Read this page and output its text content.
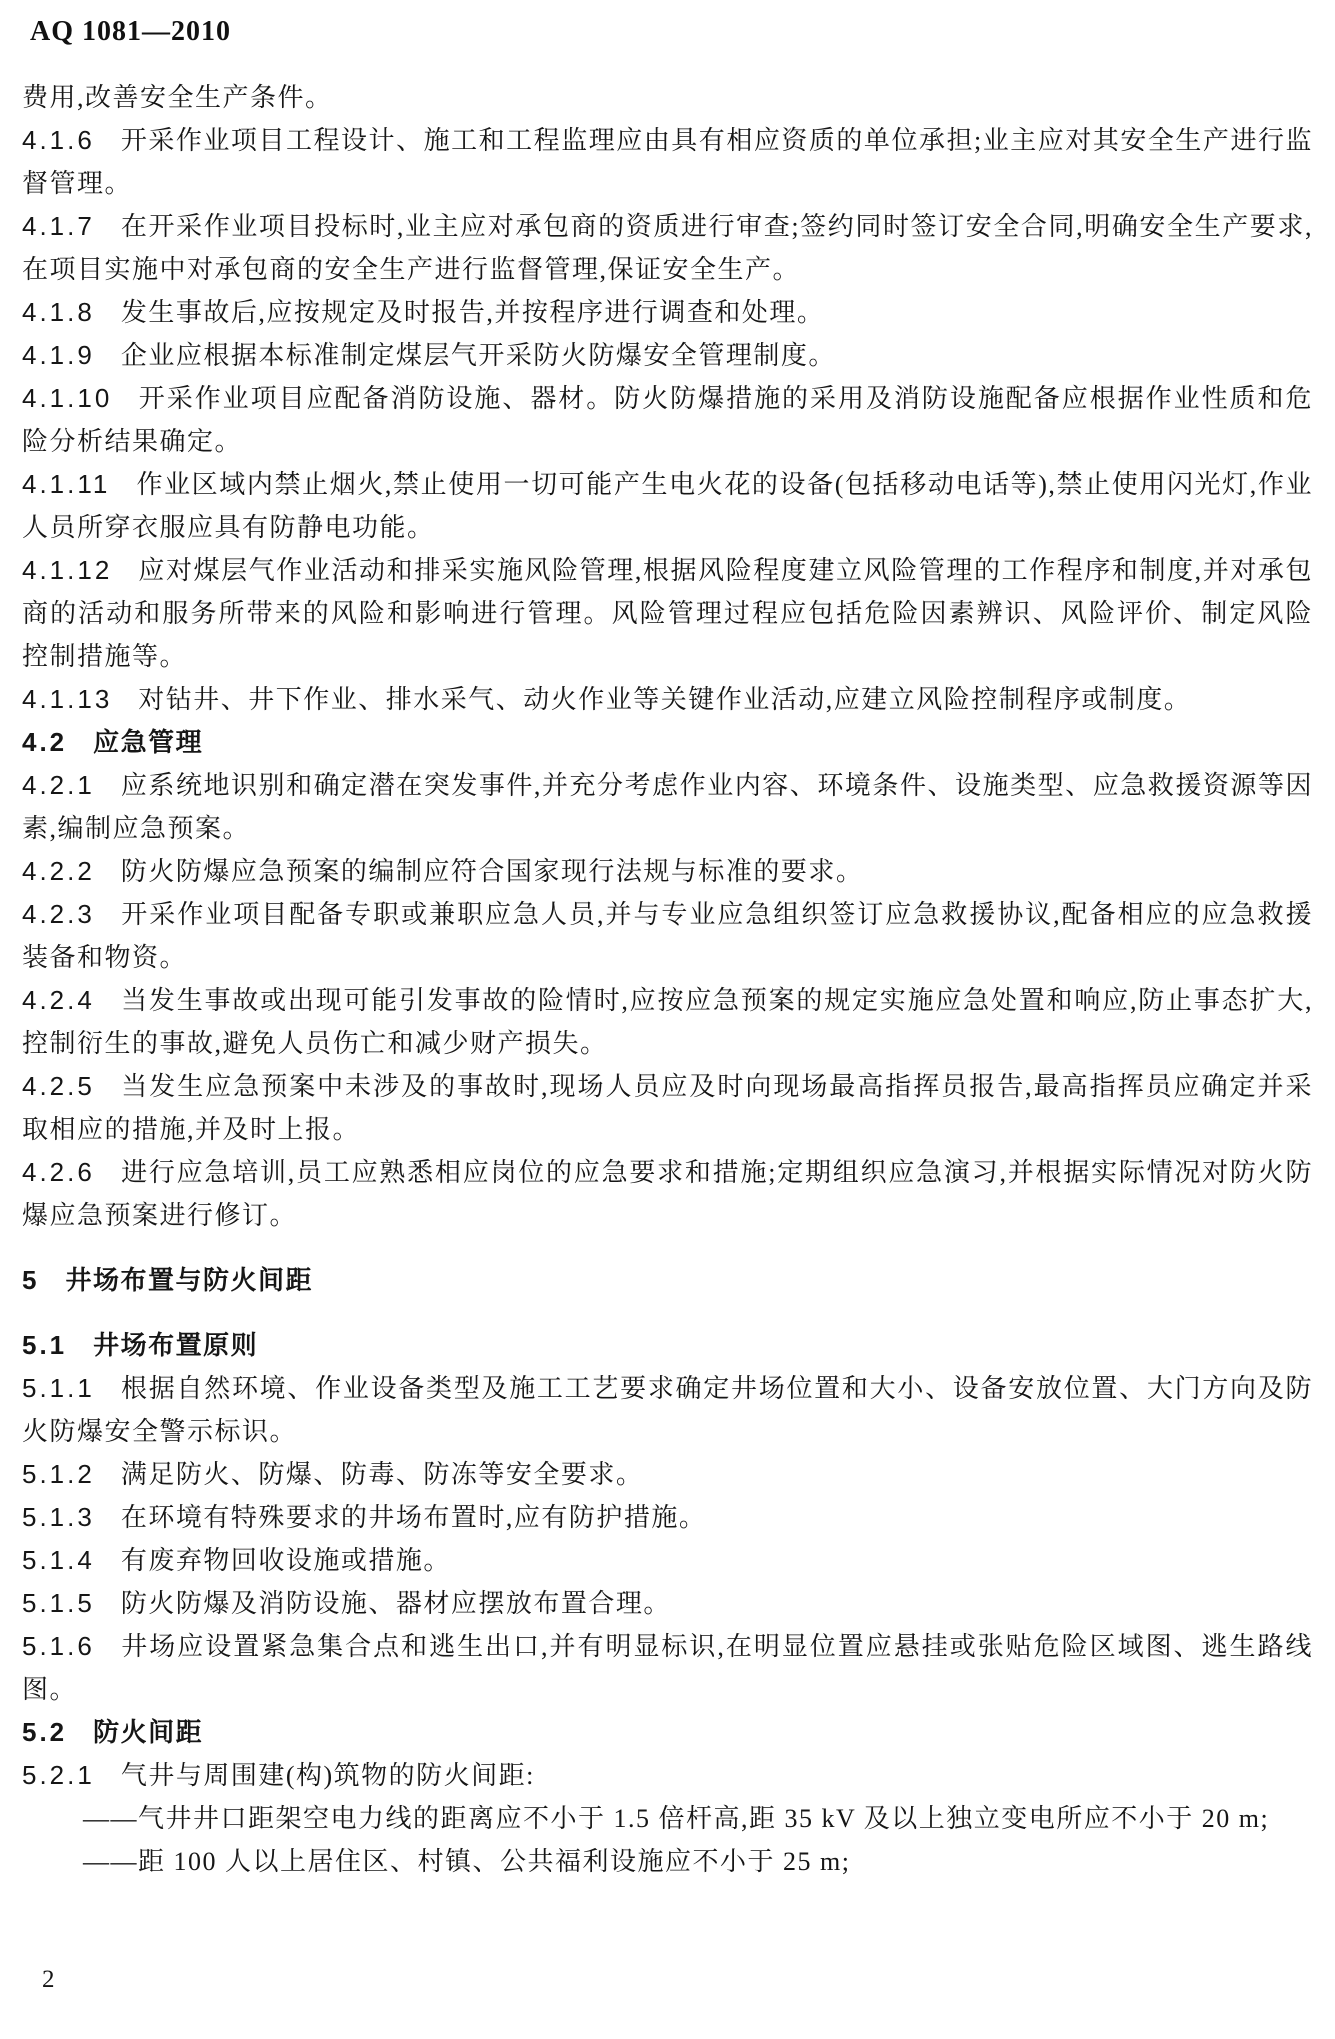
AQ 1081—2010

费用,改善安全生产条件。

4.1.6 开采作业项目工程设计、施工和工程监理应由具有相应资质的单位承担;业主应对其安全生产进行监督管理。

4.1.7 在开采作业项目投标时,业主应对承包商的资质进行审查;签约同时签订安全合同,明确安全生产要求,在项目实施中对承包商的安全生产进行监督管理,保证安全生产。

4.1.8 发生事故后,应按规定及时报告,并按程序进行调查和处理。

4.1.9 企业应根据本标准制定煤层气开采防火防爆安全管理制度。

4.1.10 开采作业项目应配备消防设施、器材。防火防爆措施的采用及消防设施配备应根据作业性质和危险分析结果确定。

4.1.11 作业区域内禁止烟火,禁止使用一切可能产生电火花的设备(包括移动电话等),禁止使用闪光灯,作业人员所穿衣服应具有防静电功能。

4.1.12 应对煤层气作业活动和排采实施风险管理,根据风险程度建立风险管理的工作程序和制度,并对承包商的活动和服务所带来的风险和影响进行管理。风险管理过程应包括危险因素辨识、风险评价、制定风险控制措施等。

4.1.13 对钻井、井下作业、排水采气、动火作业等关键作业活动,应建立风险控制程序或制度。

4.2 应急管理

4.2.1 应系统地识别和确定潜在突发事件,并充分考虑作业内容、环境条件、设施类型、应急救援资源等因素,编制应急预案。

4.2.2 防火防爆应急预案的编制应符合国家现行法规与标准的要求。

4.2.3 开采作业项目配备专职或兼职应急人员,并与专业应急组织签订应急救援协议,配备相应的应急救援装备和物资。

4.2.4 当发生事故或出现可能引发事故的险情时,应按应急预案的规定实施应急处置和响应,防止事态扩大,控制衍生的事故,避免人员伤亡和减少财产损失。

4.2.5 当发生应急预案中未涉及的事故时,现场人员应及时向现场最高指挥员报告,最高指挥员应确定并采取相应的措施,并及时上报。

4.2.6 进行应急培训,员工应熟悉相应岗位的应急要求和措施;定期组织应急演习,并根据实际情况对防火防爆应急预案进行修订。

5 井场布置与防火间距

5.1 井场布置原则

5.1.1 根据自然环境、作业设备类型及施工工艺要求确定井场位置和大小、设备安放位置、大门方向及防火防爆安全警示标识。

5.1.2 满足防火、防爆、防毒、防冻等安全要求。

5.1.3 在环境有特殊要求的井场布置时,应有防护措施。

5.1.4 有废弃物回收设施或措施。

5.1.5 防火防爆及消防设施、器材应摆放布置合理。

5.1.6 井场应设置紧急集合点和逃生出口,并有明显标识,在明显位置应悬挂或张贴危险区域图、逃生路线图。

5.2 防火间距

5.2.1 气井与周围建(构)筑物的防火间距:

——气井井口距架空电力线的距离应不小于 1.5 倍杆高,距 35 kV 及以上独立变电所应不小于 20 m;

——距 100 人以上居住区、村镇、公共福利设施应不小于 25 m;

2
